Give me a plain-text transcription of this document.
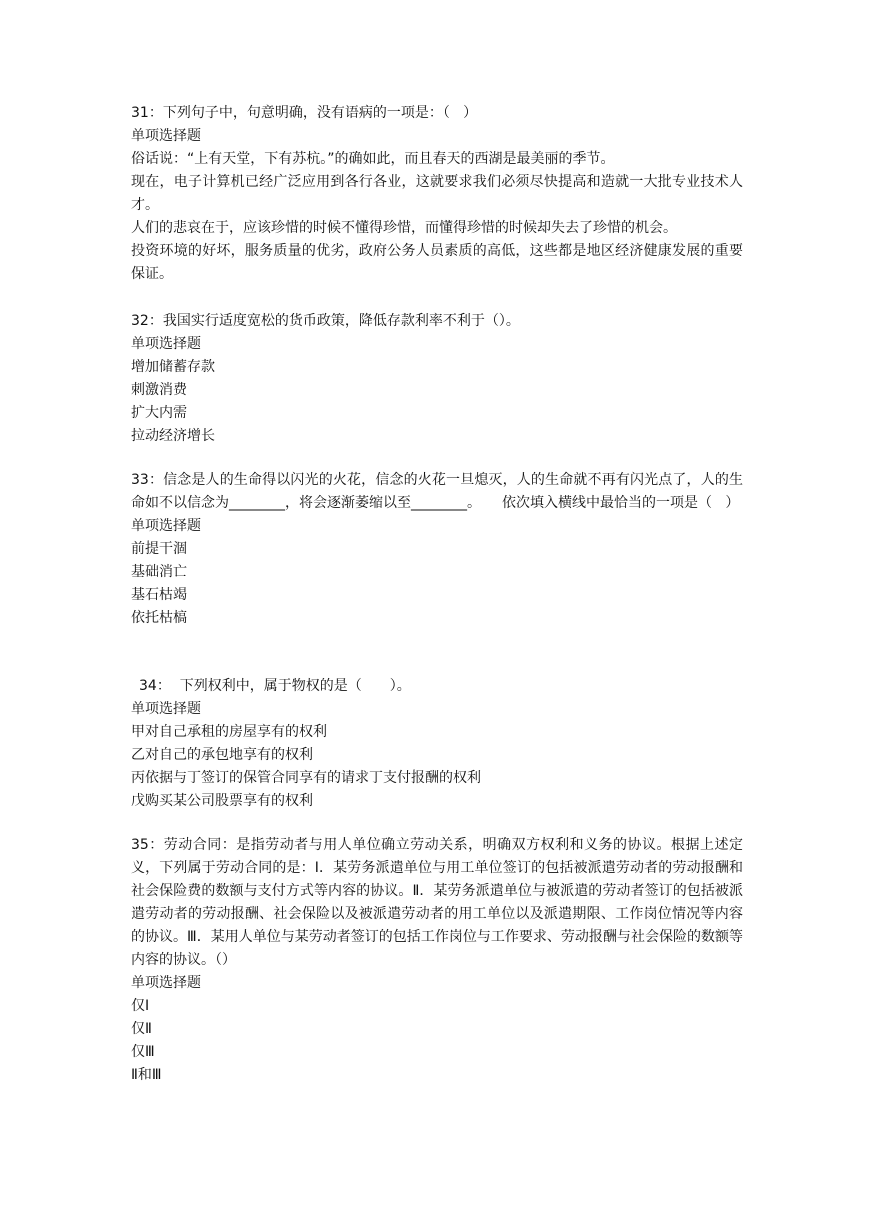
31：下列句子中，句意明确，没有语病的一项是：（   ）
单项选择题
俗话说：“上有天堂，下有苏杭。”的确如此，而且春天的西湖是最美丽的季节。
现在，电子计算机已经广泛应用到各行各业，这就要求我们必须尽快提高和造就一大批专业技术人才。
人们的悲哀在于，应该珍惜的时候不懂得珍惜，而懂得珍惜的时候却失去了珍惜的机会。
投资环境的好坏，服务质量的优劣，政府公务人员素质的高低，这些都是地区经济健康发展的重要保证。
32：我国实行适度宽松的货币政策，降低存款利率不利于（）。
单项选择题
增加储蓄存款
刺激消费
扩大内需
拉动经济增长
33：信念是人的生命得以闪光的火花，信念的火花一旦熄灭，人的生命就不再有闪光点了，人的生命如不以信念为________，将会逐渐萎缩以至________。　　依次填入横线中最恰当的一项是（   ）
单项选择题
前提干涸
基础消亡
基石枯竭
依托枯槁
34：  下列权利中，属于物权的是（　　）。
单项选择题
甲对自己承租的房屋享有的权利
乙对自己的承包地享有的权利
丙依据与丁签订的保管合同享有的请求丁支付报酬的权利
戊购买某公司股票享有的权利
35：劳动合同：是指劳动者与用人单位确立劳动关系，明确双方权利和义务的协议。根据上述定义，下列属于劳动合同的是：Ⅰ．某劳务派遣单位与用工单位签订的包括被派遣劳动者的劳动报酬和社会保险费的数额与支付方式等内容的协议。Ⅱ．某劳务派遣单位与被派遣的劳动者签订的包括被派遣劳动者的劳动报酬、社会保险以及被派遣劳动者的用工单位以及派遣期限、工作岗位情况等内容的协议。Ⅲ．某用人单位与某劳动者签订的包括工作岗位与工作要求、劳动报酬与社会保险的数额等内容的协议。（）
单项选择题
仅Ⅰ
仅Ⅱ
仅Ⅲ
Ⅱ和Ⅲ
